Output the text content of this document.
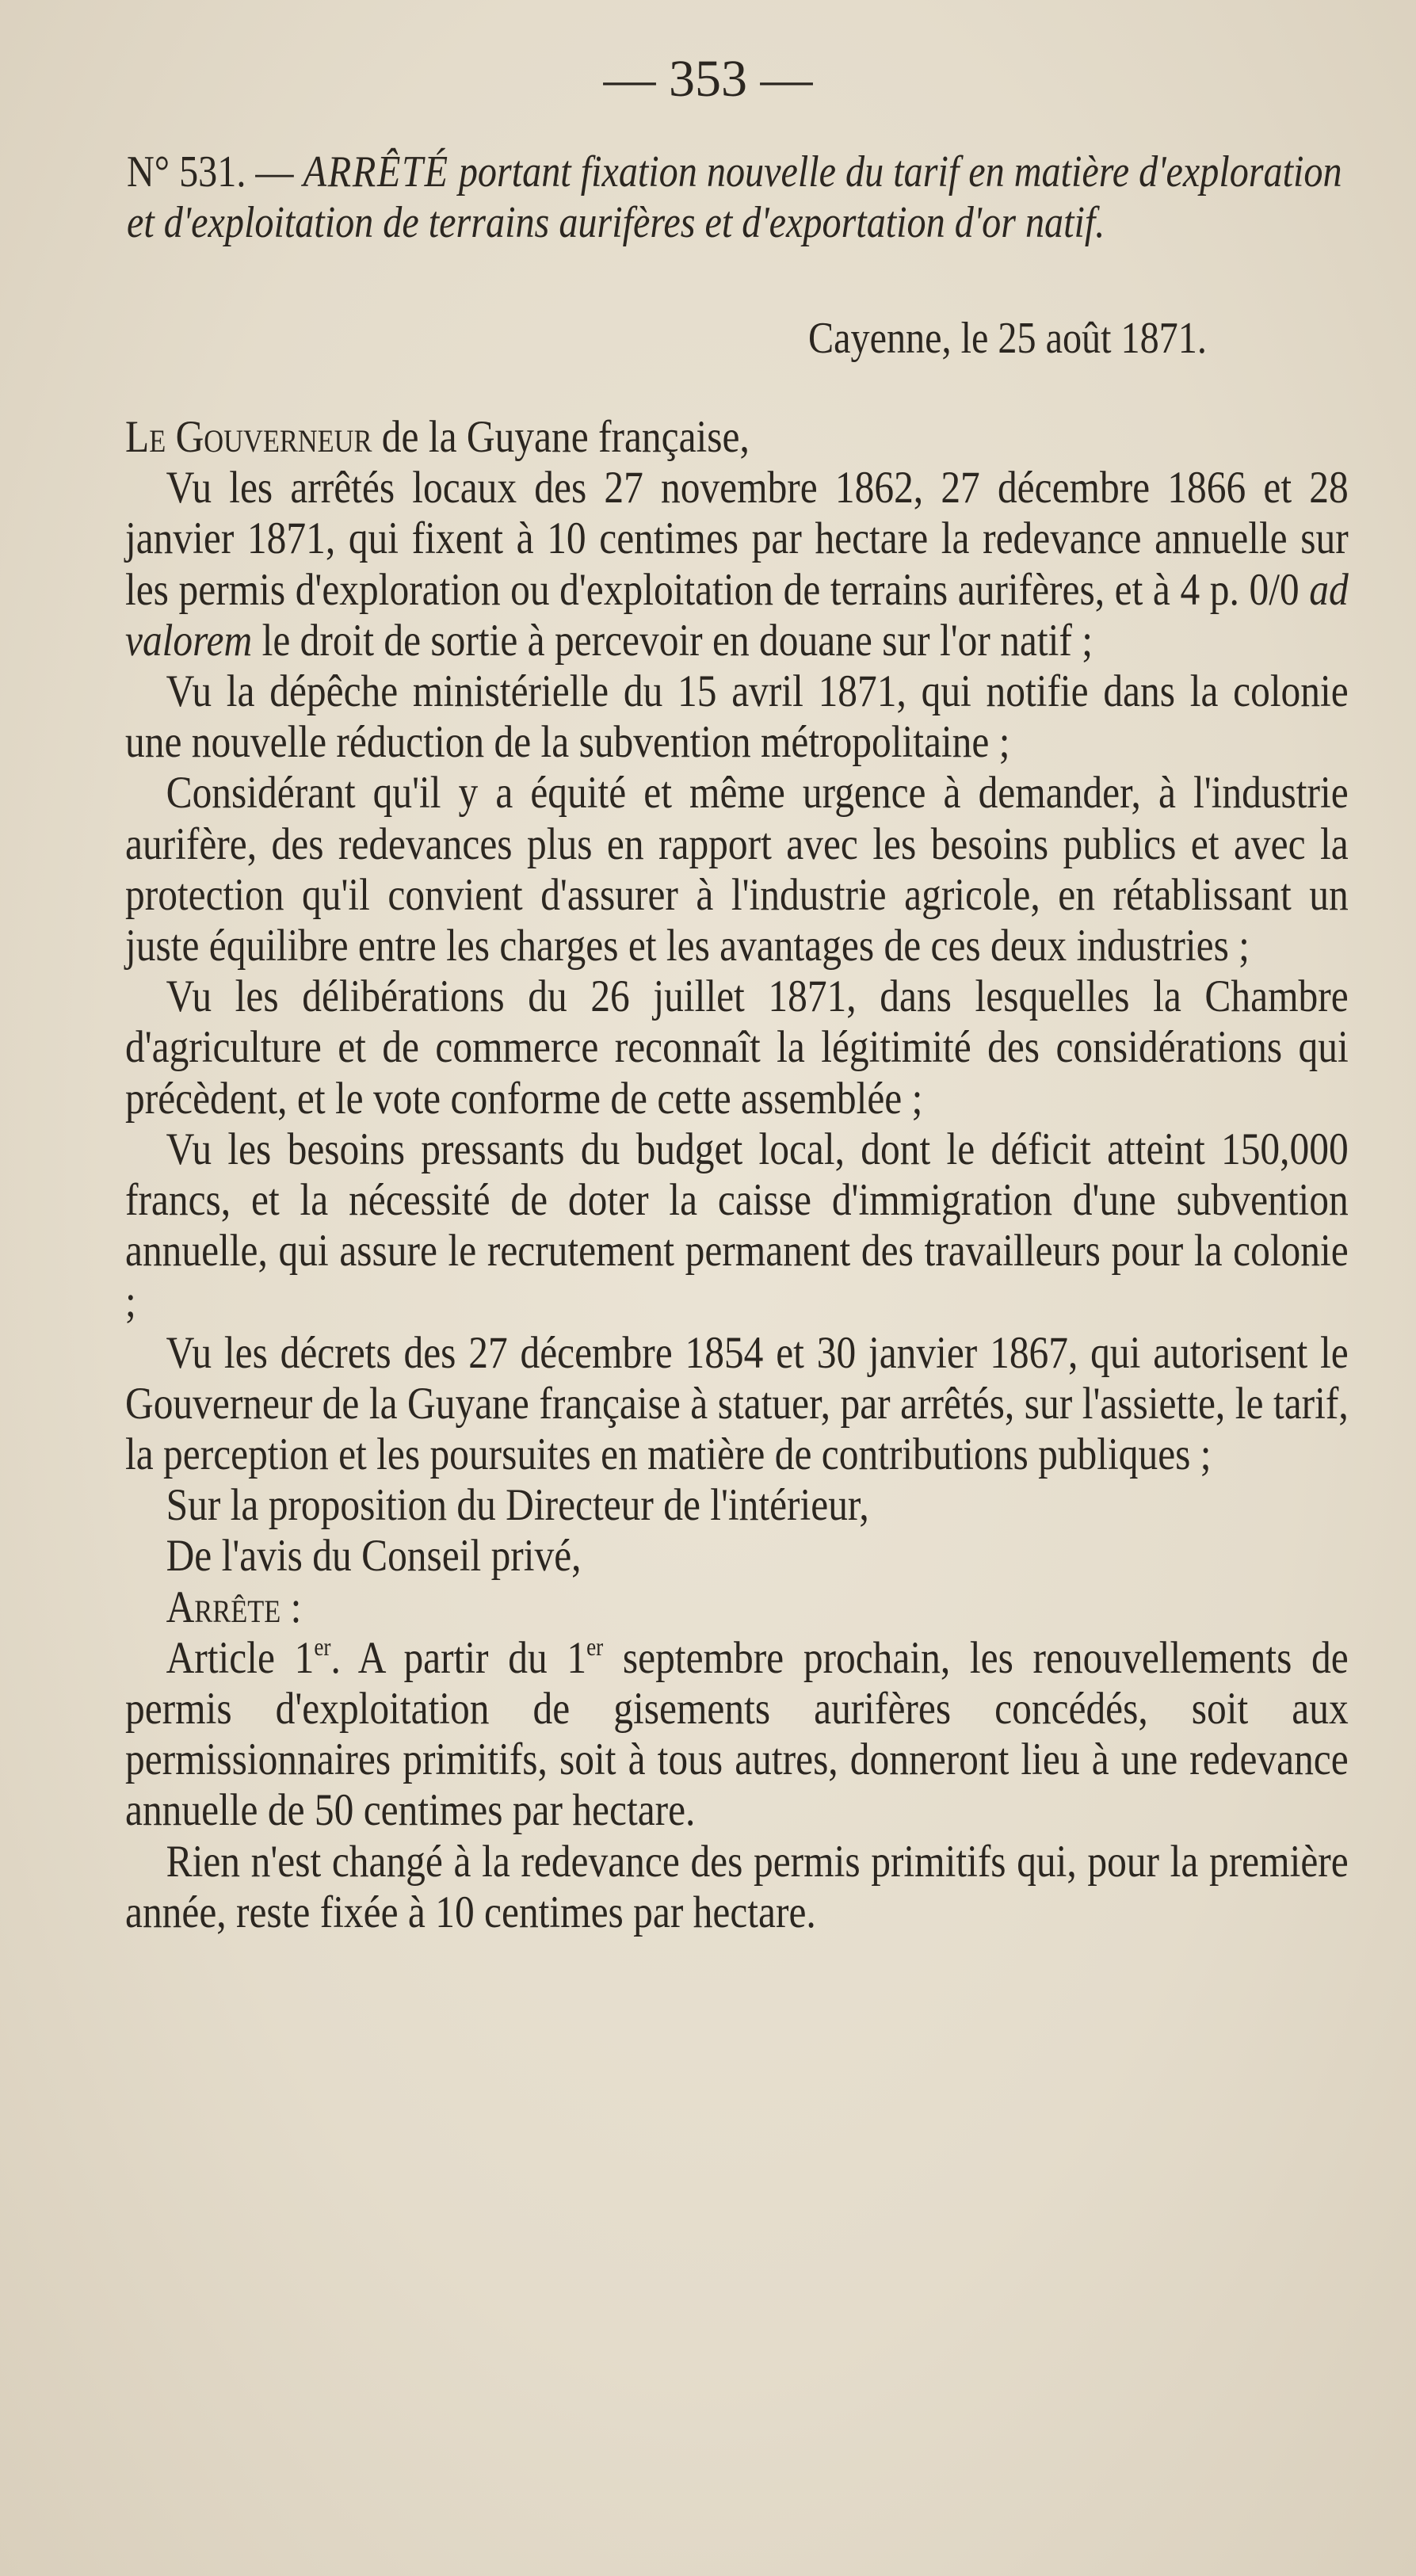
— 353 —
N° 531. — ARRÊTÉ portant fixation nouvelle du tarif en matière d'exploration et d'exploitation de terrains aurifères et d'exportation d'or natif.
Cayenne, le 25 août 1871.

Le Gouverneur de la Guyane française,

Vu les arrêtés locaux des 27 novembre 1862, 27 décembre 1866 et 28 janvier 1871, qui fixent à 10 centimes par hectare la redevance annuelle sur les permis d'exploration ou d'exploitation de terrains aurifères, et à 4 p. 0/0 ad valorem le droit de sortie à percevoir en douane sur l'or natif ;

Vu la dépêche ministérielle du 15 avril 1871, qui notifie dans la colonie une nouvelle réduction de la subvention métropolitaine ;

Considérant qu'il y a équité et même urgence à demander, à l'industrie aurifère, des redevances plus en rapport avec les besoins publics et avec la protection qu'il convient d'assurer à l'industrie agricole, en rétablissant un juste équilibre entre les charges et les avantages de ces deux industries ;

Vu les délibérations du 26 juillet 1871, dans lesquelles la Chambre d'agriculture et de commerce reconnaît la légitimité des considérations qui précèdent, et le vote conforme de cette assemblée ;

Vu les besoins pressants du budget local, dont le déficit atteint 150,000 francs, et la nécessité de doter la caisse d'immigration d'une subvention annuelle, qui assure le recrutement permanent des travailleurs pour la colonie ;

Vu les décrets des 27 décembre 1854 et 30 janvier 1867, qui autorisent le Gouverneur de la Guyane française à statuer, par arrêtés, sur l'assiette, le tarif, la perception et les poursuites en matière de contributions publiques ;

Sur la proposition du Directeur de l'intérieur,

De l'avis du Conseil privé,

Arrête :

Article 1er. A partir du 1er septembre prochain, les renouvellements de permis d'exploitation de gisements aurifères concédés, soit aux permissionnaires primitifs, soit à tous autres, donneront lieu à une redevance annuelle de 50 centimes par hectare.

Rien n'est changé à la redevance des permis primitifs qui, pour la première année, reste fixée à 10 centimes par hectare.
